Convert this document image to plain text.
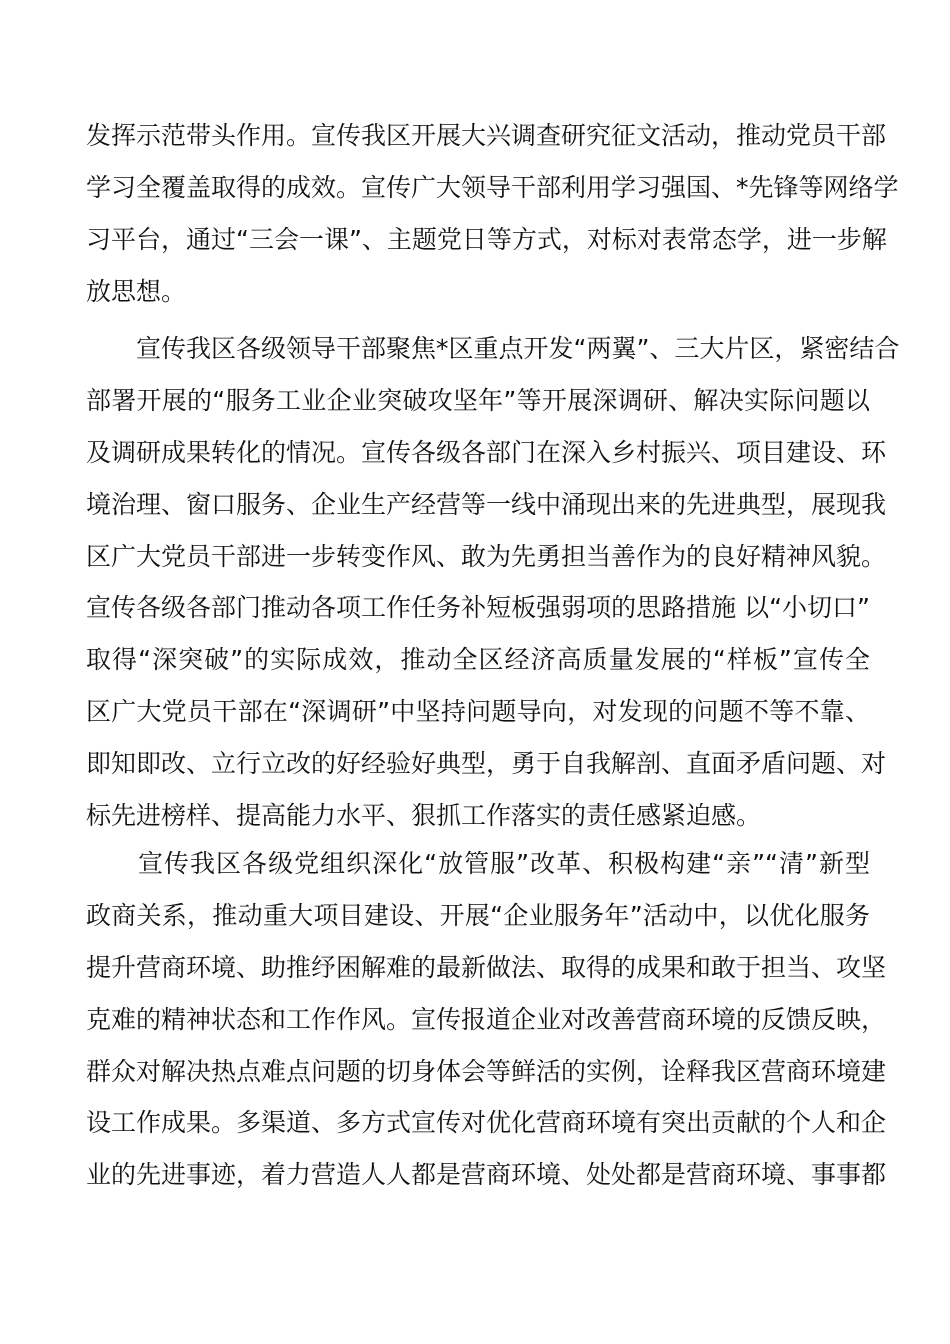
发挥示范带头作用。宣传我区开展大兴调查研究征文活动，推动党员干部
学习全覆盖取得的成效。宣传广大领导干部利用学习强国、*先锋等网络学
习平台，通过“三会一课”、主题党日等方式，对标对表常态学，进一步解
放思想。
　　宣传我区各级领导干部聚焦*区重点开发“两翼”、三大片区，紧密结合
部署开展的“服务工业企业突破攻坚年”等开展深调研、解决实际问题以
及调研成果转化的情况。宣传各级各部门在深入乡村振兴、项目建设、环
境治理、窗口服务、企业生产经营等一线中涌现出来的先进典型，展现我
区广大党员干部进一步转变作风、敢为先勇担当善作为的良好精神风貌。
宣传各级各部门推动各项工作任务补短板强弱项的思路措施 以“小切口”
取得“深突破”的实际成效，推动全区经济高质量发展的“样板”宣传全
区广大党员干部在“深调研”中坚持问题导向，对发现的问题不等不靠、
即知即改、立行立改的好经验好典型，勇于自我解剖、直面矛盾问题、对
标先进榜样、提高能力水平、狠抓工作落实的责任感紧迫感。
　　宣传我区各级党组织深化“放管服”改革、积极构建“亲”“清”新型
政商关系，推动重大项目建设、开展“企业服务年”活动中，以优化服务
提升营商环境、助推纾困解难的最新做法、取得的成果和敢于担当、攻坚
克难的精神状态和工作作风。宣传报道企业对改善营商环境的反馈反映，
群众对解决热点难点问题的切身体会等鲜活的实例，诠释我区营商环境建
设工作成果。多渠道、多方式宣传对优化营商环境有突出贡献的个人和企
业的先进事迹，着力营造人人都是营商环境、处处都是营商环境、事事都
